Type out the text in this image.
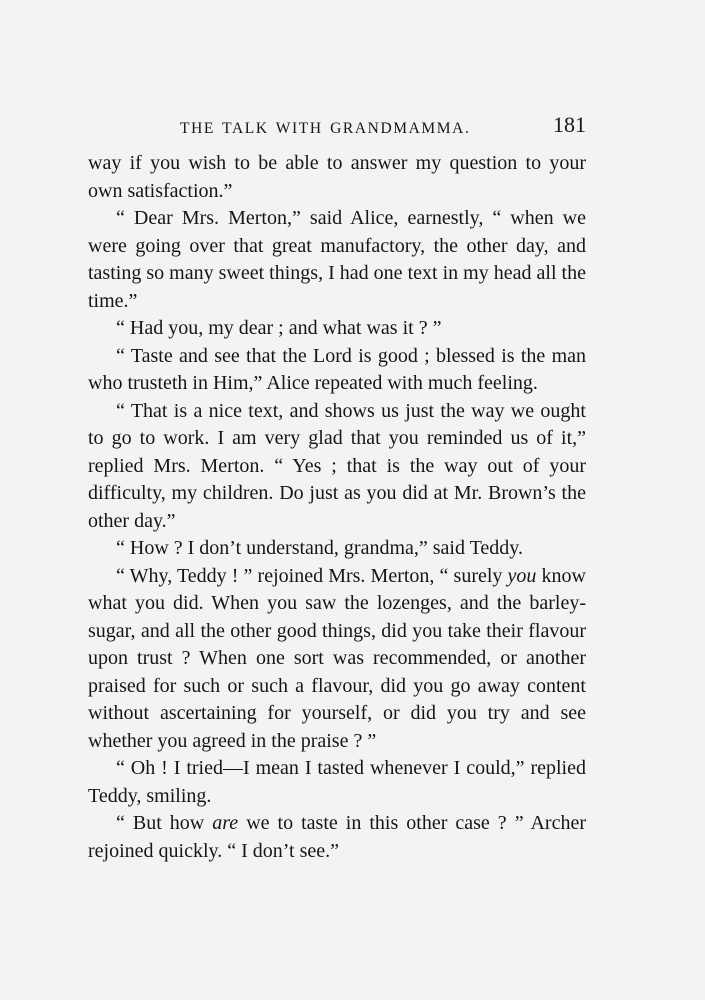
THE TALK WITH GRANDMAMMA.	181

way if you wish to be able to answer my question to your own satisfaction.”

“ Dear Mrs. Merton,” said Alice, earnestly, “ when we were going over that great manufactory, the other day, and tasting so many sweet things, I had one text in my head all the time.”

“ Had you, my dear ; and what was it ? ”

“ Taste and see that the Lord is good ; blessed is the man who trusteth in Him,” Alice repeated with much feeling.

“ That is a nice text, and shows us just the way we ought to go to work. I am very glad that you reminded us of it,” replied Mrs. Merton. “ Yes ; that is the way out of your difficulty, my children. Do just as you did at Mr. Brown’s the other day.”

“ How ? I don’t understand, grandma,” said Teddy.

“ Why, Teddy ! ” rejoined Mrs. Merton, “ surely you know what you did. When you saw the lozenges, and the barley-sugar, and all the other good things, did you take their flavour upon trust ? When one sort was recommended, or another praised for such or such a flavour, did you go away content without ascertaining for yourself, or did you try and see whether you agreed in the praise ? ”

“ Oh ! I tried—I mean I tasted whenever I could,” replied Teddy, smiling.

“ But how are we to taste in this other case ? ” Archer rejoined quickly. “ I don’t see.”
